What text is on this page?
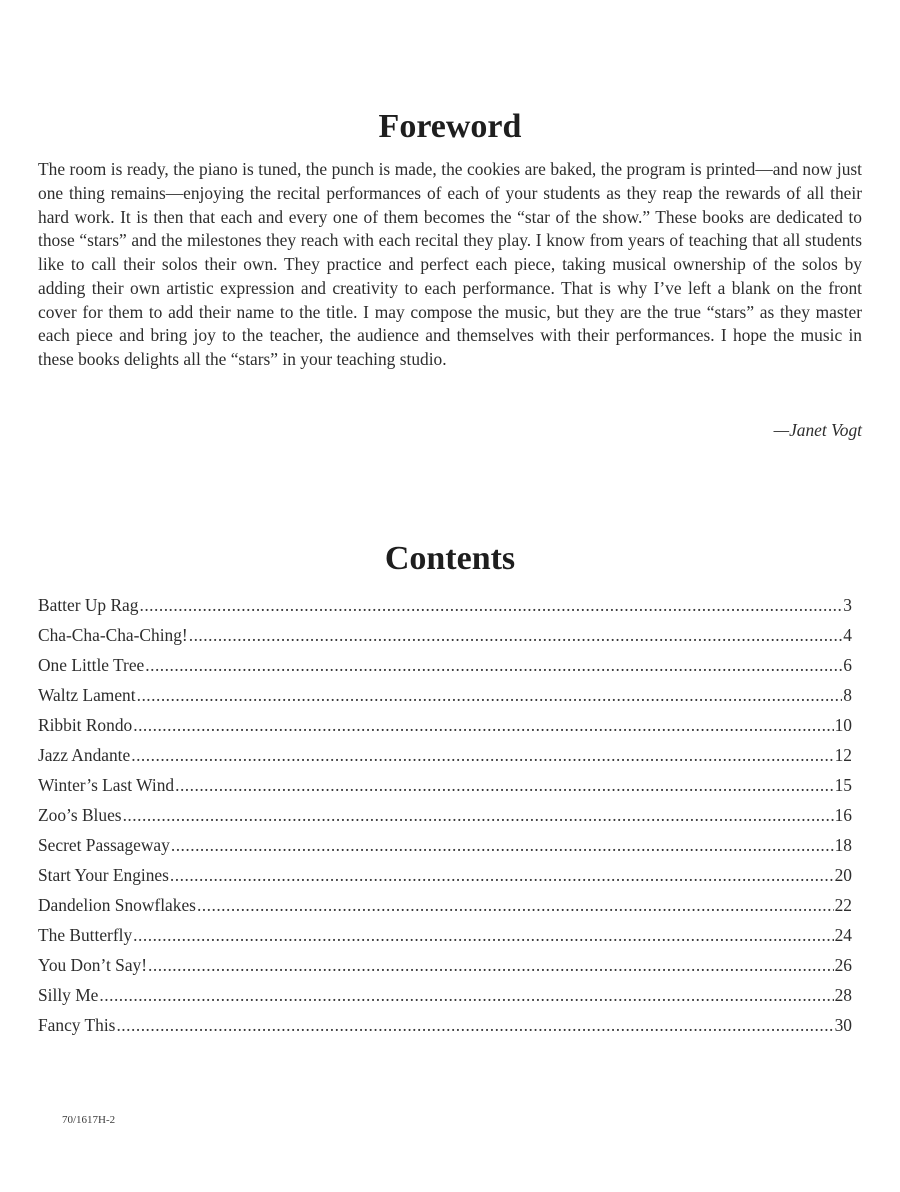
Foreword

The room is ready, the piano is tuned, the punch is made, the cookies are baked, the program is printed—and now just one thing remains—enjoying the recital performances of each of your students as they reap the rewards of all their hard work. It is then that each and every one of them becomes the “star of the show.” These books are dedicated to those “stars” and the milestones they reach with each recital they play. I know from years of teaching that all students like to call their solos their own. They practice and perfect each piece, taking musical ownership of the solos by adding their own artistic expression and creativity to each performance. That is why I’ve left a blank on the front cover for them to add their name to the title. I may compose the music, but they are the true “stars” as they master each piece and bring joy to the teacher, the audience and themselves with their performances. I hope the music in these books delights all the “stars” in your teaching studio.

—Janet Vogt
Contents
Batter Up Rag .....	3
Cha-Cha-Cha-Ching! .....	4
One Little Tree .....	6
Waltz Lament .....	8
Ribbit Rondo .....	10
Jazz Andante .....	12
Winter’s Last Wind .....	15
Zoo’s Blues .....	16
Secret Passageway .....	18
Start Your Engines .....	20
Dandelion Snowflakes .....	22
The Butterfly .....	24
You Don’t Say! .....	26
Silly Me .....	28
Fancy This .....	30
70/1617H-2
